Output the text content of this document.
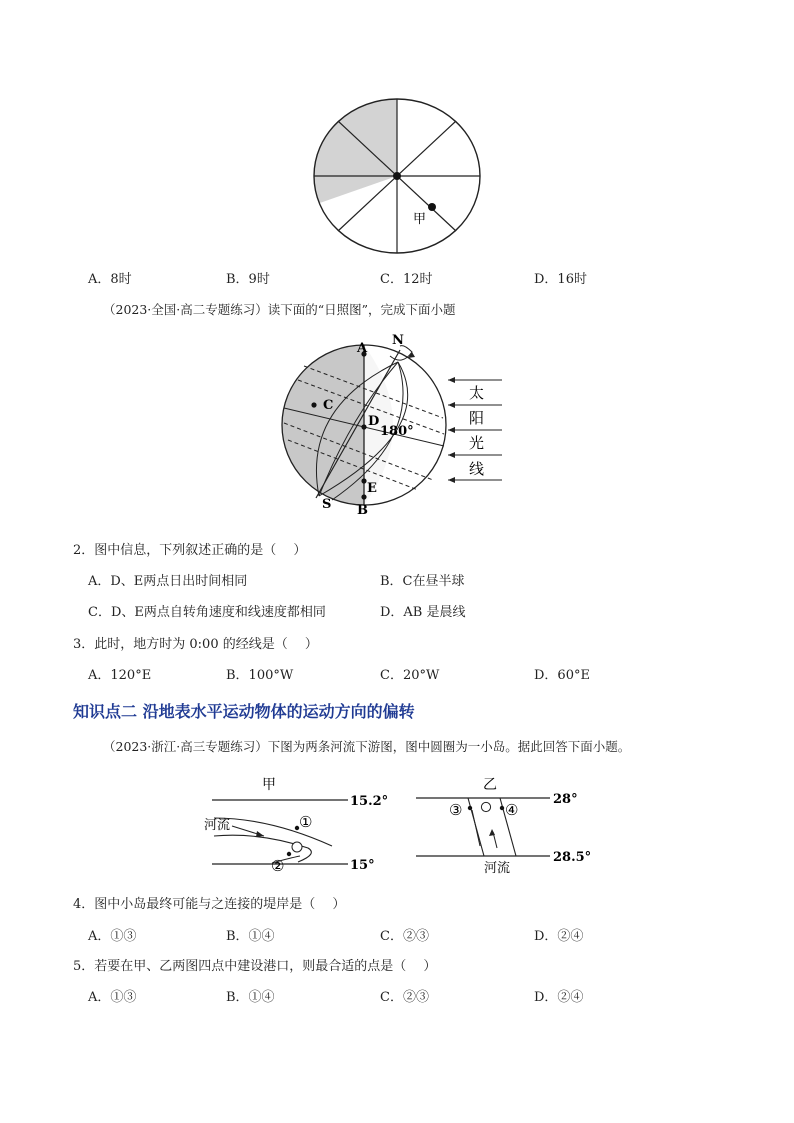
甲
A．8时	B．9时	C．12时	D．16时
（2023·全国·高二专题练习）读下面的“日照图”，完成下面小题
A
N
C
D
180°
E
S B
太
阳
光
线
2．图中信息，下列叙述正确的是（　 ）
A．D、E两点日出时间相同	B．C在昼半球
C．D、E两点自转角速度和线速度都相同	D．AB 是晨线
3．此时，地方时为 0:00 的经线是（　 ）
A．120°E	B．100°W	C．20°W	D．60°E
知识点二 沿地表水平运动物体的运动方向的偏转
（2023·浙江·高三专题练习）下图为两条河流下游图，图中圆圈为一小岛。据此回答下面小题。
甲
15.2°
15°
河流	①
②
乙
28°
28.5°
③	④
河流
4．图中小岛最终可能与之连接的堤岸是（　 ）
A．①③	B．①④	C．②③	D．②④
5．若要在甲、乙两图四点中建设港口，则最合适的点是（　 ）
A．①③	B．①④	C．②③	D．②④
